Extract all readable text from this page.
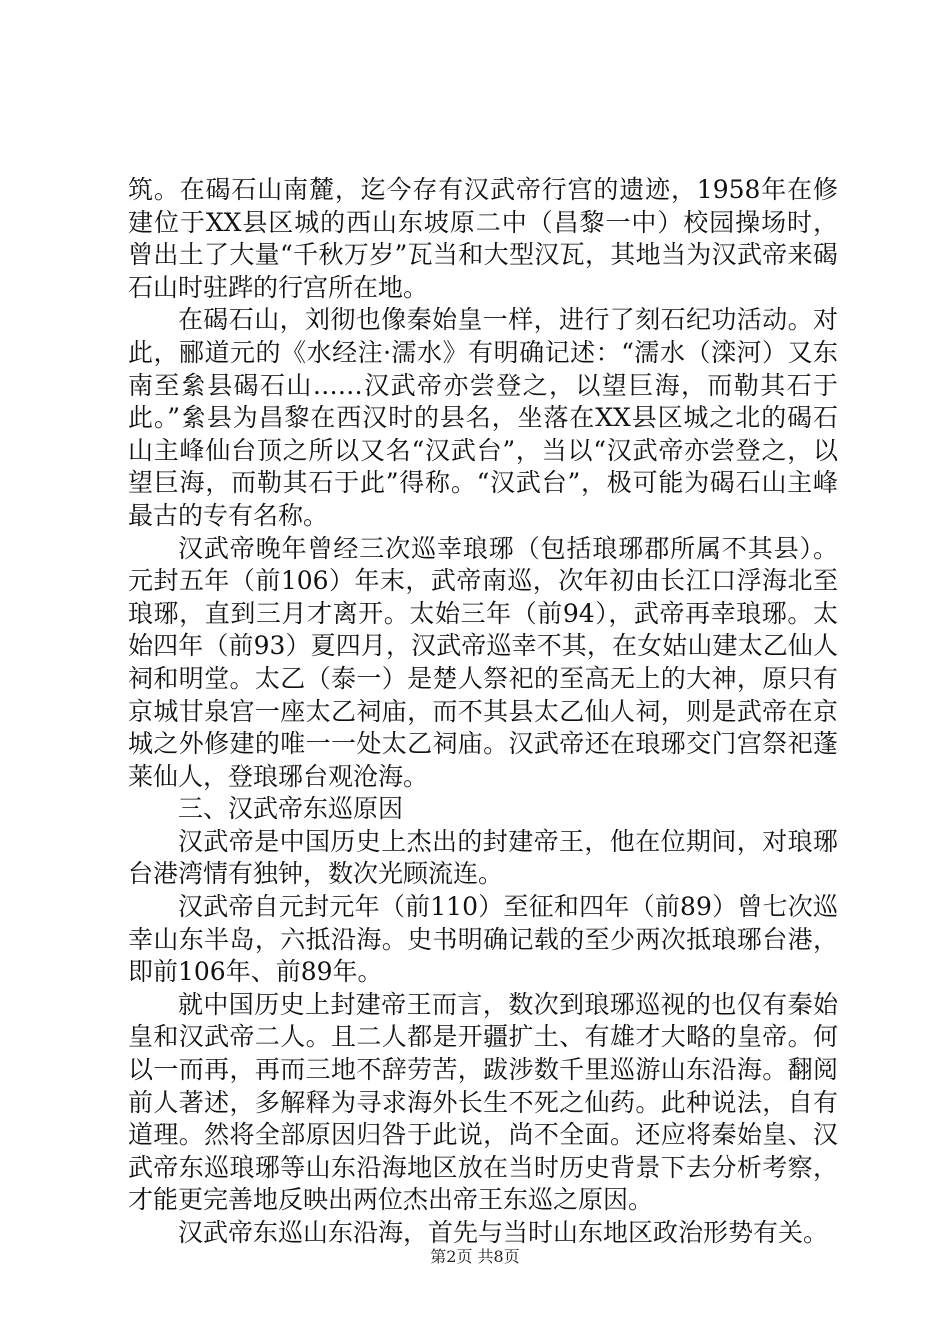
筑。在碣石山南麓，迄今存有汉武帝行宫的遗迹，1958年在修建位于XX县区城的西山东坡原二中（昌黎一中）校园操场时，曾出土了大量“千秋万岁”瓦当和大型汉瓦，其地当为汉武帝来碣石山时驻跸的行宫所在地。

在碣石山，刘彻也像秦始皇一样，进行了刻石纪功活动。对此，郦道元的《水经注·濡水》有明确记述：“濡水（滦河）又东南至絫县碣石山……汉武帝亦尝登之，以望巨海，而勒其石于此。”絫县为昌黎在西汉时的县名，坐落在XX县区城之北的碣石山主峰仙台顶之所以又名“汉武台”，当以“汉武帝亦尝登之，以望巨海，而勒其石于此”得称。“汉武台”，极可能为碣石山主峰最古的专有名称。

汉武帝晚年曾经三次巡幸琅琊（包括琅琊郡所属不其县）。元封五年（前106）年末，武帝南巡，次年初由长江口浮海北至琅琊，直到三月才离开。太始三年（前94），武帝再幸琅琊。太始四年（前93）夏四月，汉武帝巡幸不其，在女姑山建太乙仙人祠和明堂。太乙（泰一）是楚人祭祀的至高无上的大神，原只有京城甘泉宫一座太乙祠庙，而不其县太乙仙人祠，则是武帝在京城之外修建的唯一一处太乙祠庙。汉武帝还在琅琊交门宫祭祀蓬莱仙人，登琅琊台观沧海。

三、汉武帝东巡原因

汉武帝是中国历史上杰出的封建帝王，他在位期间，对琅琊台港湾情有独钟，数次光顾流连。

汉武帝自元封元年（前110）至征和四年（前89）曾七次巡幸山东半岛，六抵沿海。史书明确记载的至少两次抵琅琊台港，即前106年、前89年。

就中国历史上封建帝王而言，数次到琅琊巡视的也仅有秦始皇和汉武帝二人。且二人都是开疆扩土、有雄才大略的皇帝。何以一而再，再而三地不辞劳苦，跋涉数千里巡游山东沿海。翻阅前人著述，多解释为寻求海外长生不死之仙药。此种说法，自有道理。然将全部原因归咎于此说，尚不全面。还应将秦始皇、汉武帝东巡琅琊等山东沿海地区放在当时历史背景下去分析考察，才能更完善地反映出两位杰出帝王东巡之原因。

汉武帝东巡山东沿海，首先与当时山东地区政治形势有关。

第2页 共8页
